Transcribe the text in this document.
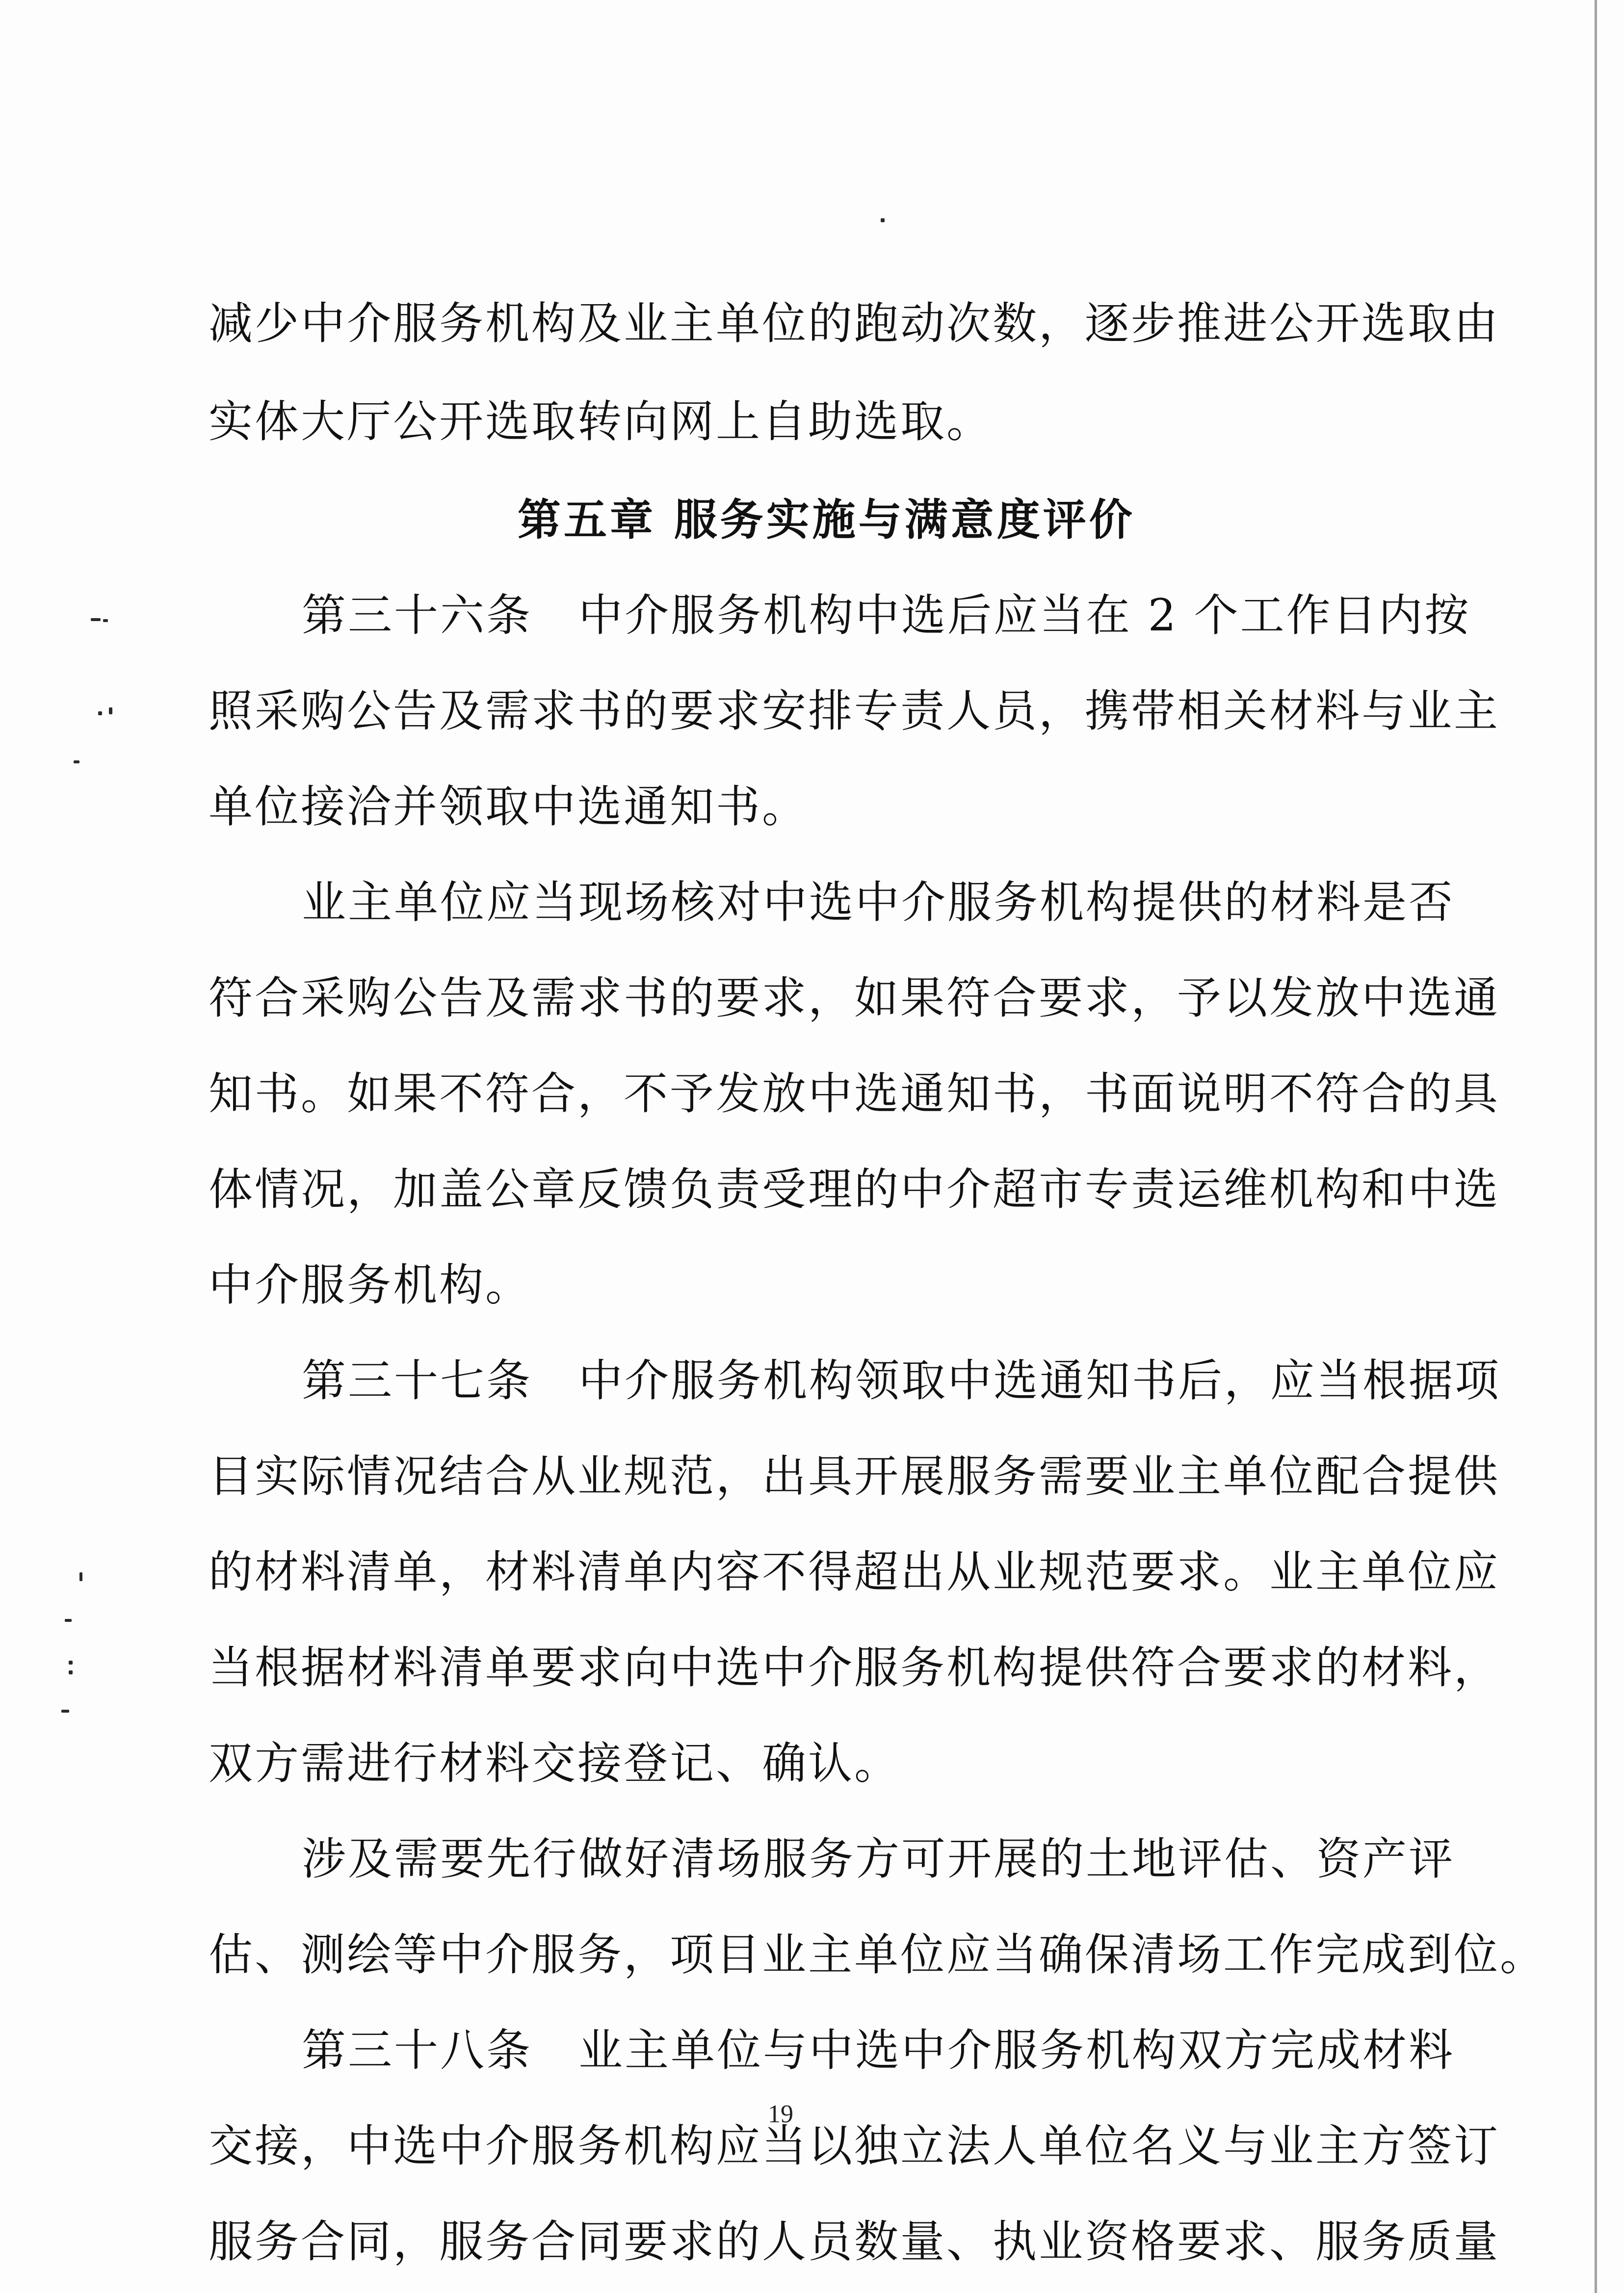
第五章 服务实施与满意度评价
减少中介服务机构及业主单位的跑动次数，逐步推进公开选取由
实体大厅公开选取转向网上自助选取。
第三十六条　中介服务机构中选后应当在 2 个工作日内按
照采购公告及需求书的要求安排专责人员，携带相关材料与业主
单位接洽并领取中选通知书。
业主单位应当现场核对中选中介服务机构提供的材料是否
符合采购公告及需求书的要求，如果符合要求，予以发放中选通
知书。如果不符合，不予发放中选通知书，书面说明不符合的具
体情况，加盖公章反馈负责受理的中介超市专责运维机构和中选
中介服务机构。
第三十七条　中介服务机构领取中选通知书后，应当根据项
目实际情况结合从业规范，出具开展服务需要业主单位配合提供
的材料清单，材料清单内容不得超出从业规范要求。业主单位应
当根据材料清单要求向中选中介服务机构提供符合要求的材料，
双方需进行材料交接登记、确认。
涉及需要先行做好清场服务方可开展的土地评估、资产评
估、测绘等中介服务，项目业主单位应当确保清场工作完成到位。
第三十八条　业主单位与中选中介服务机构双方完成材料
交接，中选中介服务机构应当以独立法人单位名义与业主方签订
服务合同，服务合同要求的人员数量、执业资格要求、服务质量
19
